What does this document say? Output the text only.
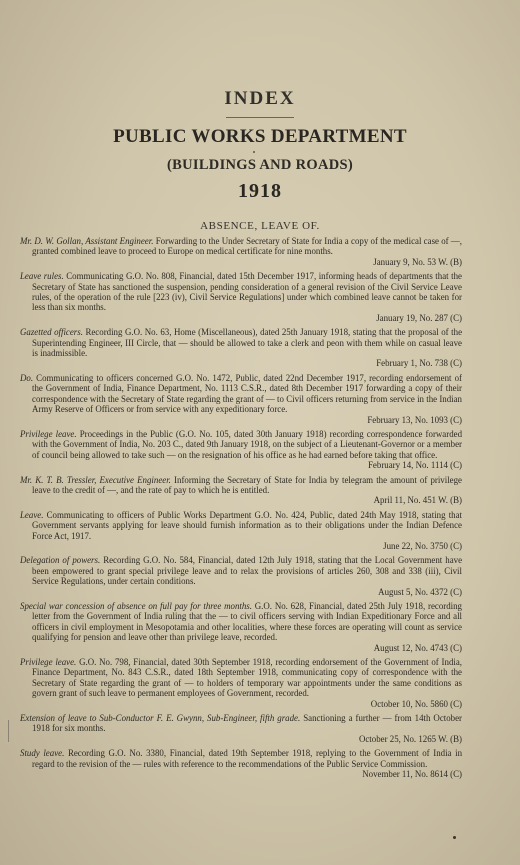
INDEX
PUBLIC WORKS DEPARTMENT
(BUILDINGS AND ROADS)
1918
ABSENCE, LEAVE OF.

Mr. D. W. Gollan, Assistant Engineer. Forwarding to the Under Secretary of State for India a copy of the medical case of —, granted combined leave to proceed to Europe on medical certificate for nine months.
January 9, No. 53 W. (B)

Leave rules. Communicating G.O. No. 808, Financial, dated 15th December 1917, informing heads of departments that the Secretary of State has sanctioned the suspension, pending consideration of a general revision of the Civil Service Leave rules, of the operation of the rule [223 (iv), Civil Service Regulations] under which combined leave cannot be taken for less than six months.
January 19, No. 287 (C)

Gazetted officers. Recording G.O. No. 63, Home (Miscellaneous), dated 25th January 1918, stating that the proposal of the Superintending Engineer, III Circle, that — should be allowed to take a clerk and peon with them while on casual leave is inadmissible.
February 1, No. 738 (C)

Do. Communicating to officers concerned G.O. No. 1472, Public, dated 22nd December 1917, recording endorsement of the Government of India, Finance Department, No. 1113 C.S.R., dated 8th December 1917 forwarding a copy of their correspondence with the Secretary of State regarding the grant of — to Civil officers returning from service in the Indian Army Reserve of Officers or from service with any expeditionary force.
February 13, No. 1093 (C)

Privilege leave. Proceedings in the Public (G.O. No. 105, dated 30th January 1918) recording correspondence forwarded with the Government of India, No. 203 C., dated 9th January 1918, on the subject of a Lieutenant-Governor or a member of council being allowed to take such — on the resignation of his office as he had earned before taking that office.
February 14, No. 1114 (C)

Mr. K. T. B. Tressler, Executive Engineer. Informing the Secretary of State for India by telegram the amount of privilege leave to the credit of —, and the rate of pay to which he is entitled.
April 11, No. 451 W. (B)

Leave. Communicating to officers of Public Works Department G.O. No. 424, Public, dated 24th May 1918, stating that Government servants applying for leave should furnish information as to their obligations under the Indian Defence Force Act, 1917.
June 22, No. 3750 (C)

Delegation of powers. Recording G.O. No. 584, Financial, dated 12th July 1918, stating that the Local Government have been empowered to grant special privilege leave and to relax the provisions of articles 260, 308 and 338 (iii), Civil Service Regulations, under certain conditions.
August 5, No. 4372 (C)

Special war concession of absence on full pay for three months. G.O. No. 628, Financial, dated 25th July 1918, recording letter from the Government of India ruling that the — to civil officers serving with Indian Expeditionary Force and all officers in civil employment in Mesopotamia and other localities, where these forces are operating will count as service qualifying for pension and leave other than privilege leave, recorded.
August 12, No. 4743 (C)

Privilege leave. G.O. No. 798, Financial, dated 30th September 1918, recording endorsement of the Government of India, Finance Department, No. 843 C.S.R., dated 18th September 1918, communicating copy of correspondence with the Secretary of State regarding the grant of — to holders of temporary war appointments under the same conditions as govern grant of such leave to permanent employees of Government, recorded.
October 10, No. 5860 (C)

Extension of leave to Sub-Conductor F. E. Gwynn, Sub-Engineer, fifth grade. Sanctioning a further — from 14th October 1918 for six months.
October 25, No. 1265 W. (B)

Study leave. Recording G.O. No. 3380, Financial, dated 19th September 1918, replying to the Government of India in regard to the revision of the — rules with reference to the recommendations of the Public Service Commission.
November 11, No. 8614 (C)
